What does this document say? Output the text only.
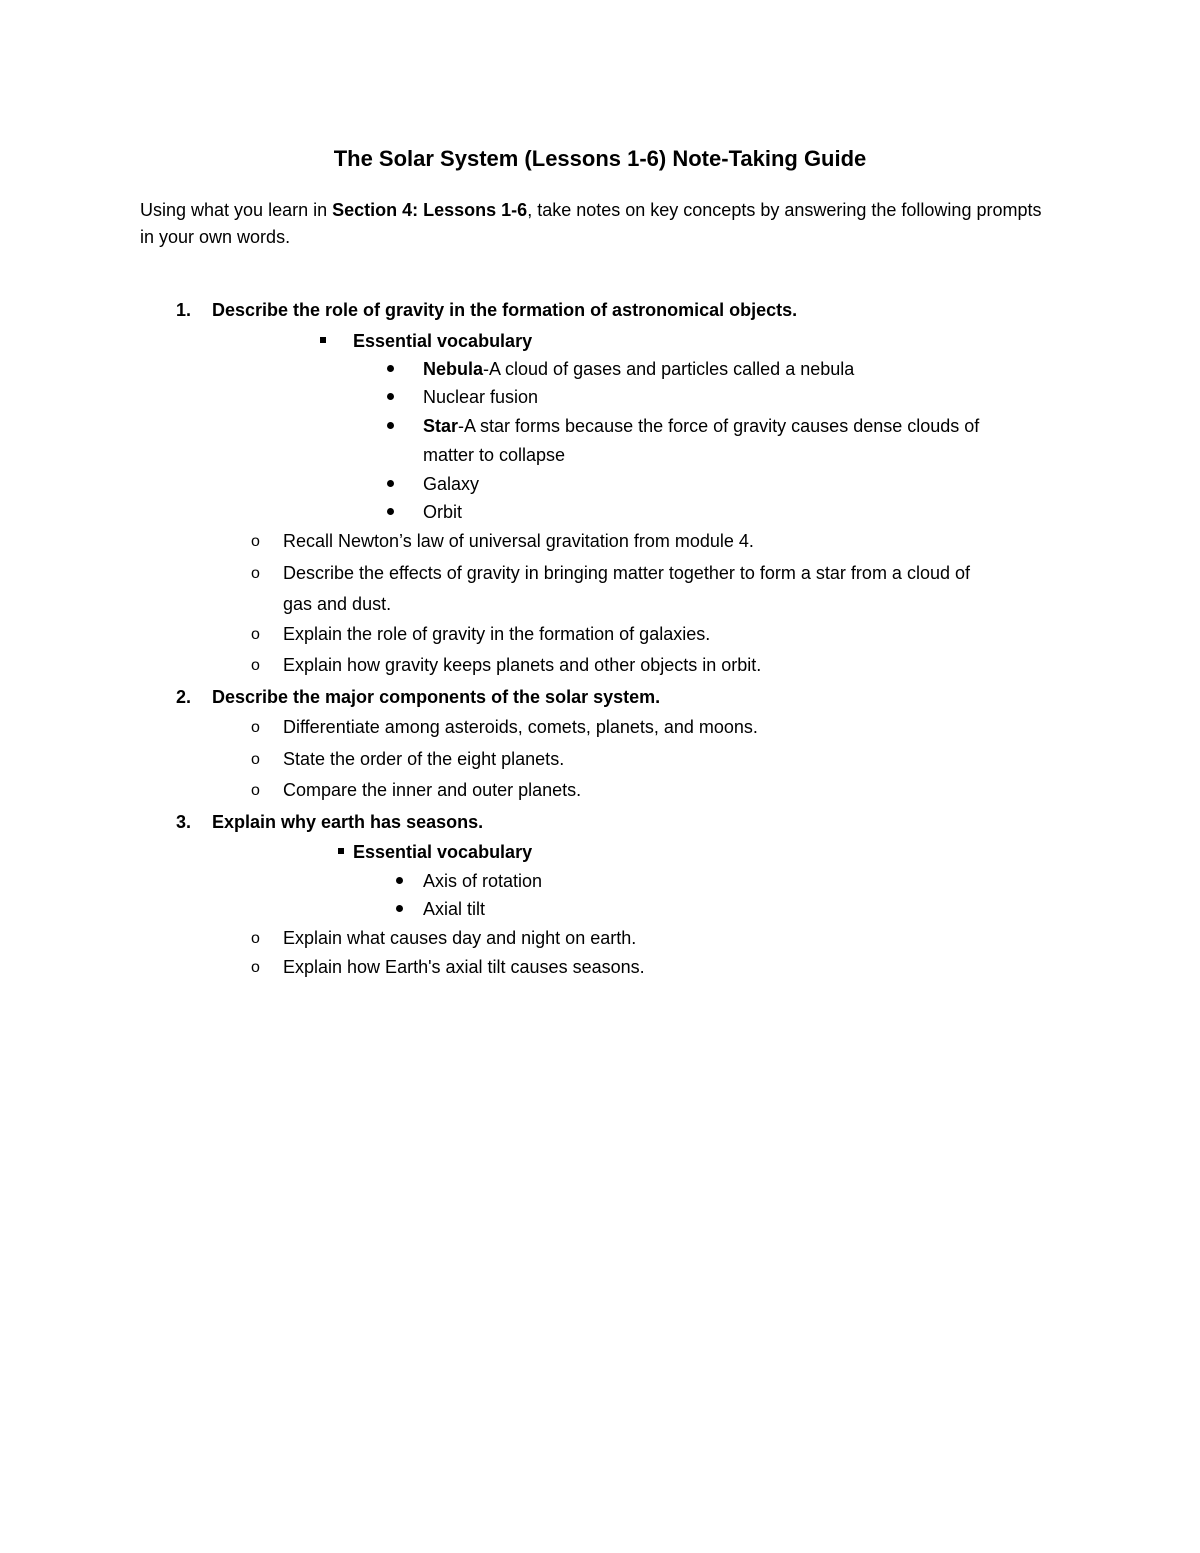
The Solar System (Lessons 1-6) Note-Taking Guide
Using what you learn in Section 4: Lessons 1-6, take notes on key concepts by answering the following prompts in your own words.
1. Describe the role of gravity in the formation of astronomical objects.
Essential vocabulary
Nebula-A cloud of gases and particles called a nebula
Nuclear fusion
Star-A star forms because the force of gravity causes dense clouds of
matter to collapse
Galaxy
Orbit
o Recall Newton’s law of universal gravitation from module 4.
o Describe the effects of gravity in bringing matter together to form a star from a cloud of
gas and dust.
o Explain the role of gravity in the formation of galaxies.
o Explain how gravity keeps planets and other objects in orbit.
2. Describe the major components of the solar system.
o Differentiate among asteroids, comets, planets, and moons.
o State the order of the eight planets.
o Compare the inner and outer planets.
3. Explain why earth has seasons.
Essential vocabulary
Axis of rotation
Axial tilt
o Explain what causes day and night on earth.
o Explain how Earth's axial tilt causes seasons.
